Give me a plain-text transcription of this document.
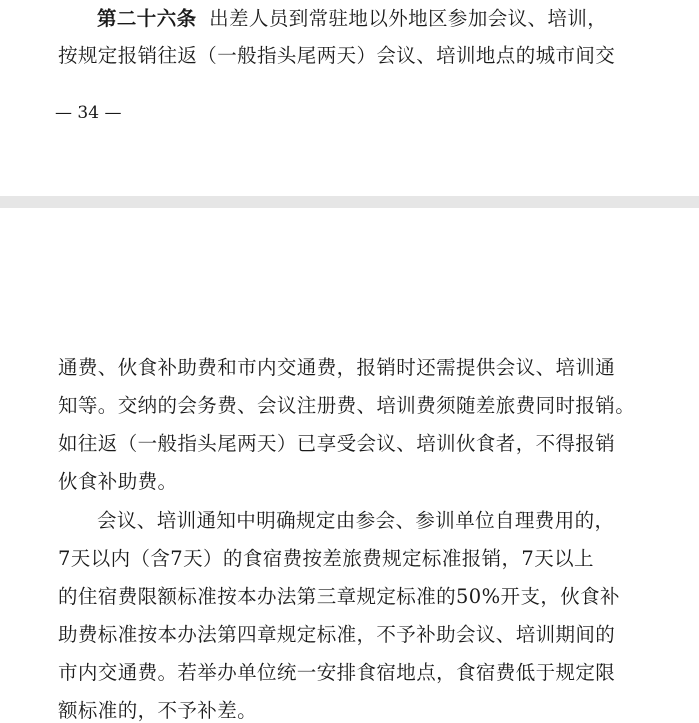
第二十六条 出差人员到常驻地以外地区参加会议、培训，
按规定报销往返（一般指头尾两天）会议、培训地点的城市间交
— 34 —
通费、伙食补助费和市内交通费，报销时还需提供会议、培训通
知等。交纳的会务费、会议注册费、培训费须随差旅费同时报销。
如往返（一般指头尾两天）已享受会议、培训伙食者，不得报销
伙食补助费。
会议、培训通知中明确规定由参会、参训单位自理费用的，
7天以内（含7天）的食宿费按差旅费规定标准报销，7天以上
的住宿费限额标准按本办法第三章规定标准的50%开支，伙食补
助费标准按本办法第四章规定标准，不予补助会议、培训期间的
市内交通费。若举办单位统一安排食宿地点，食宿费低于规定限
额标准的，不予补差。
